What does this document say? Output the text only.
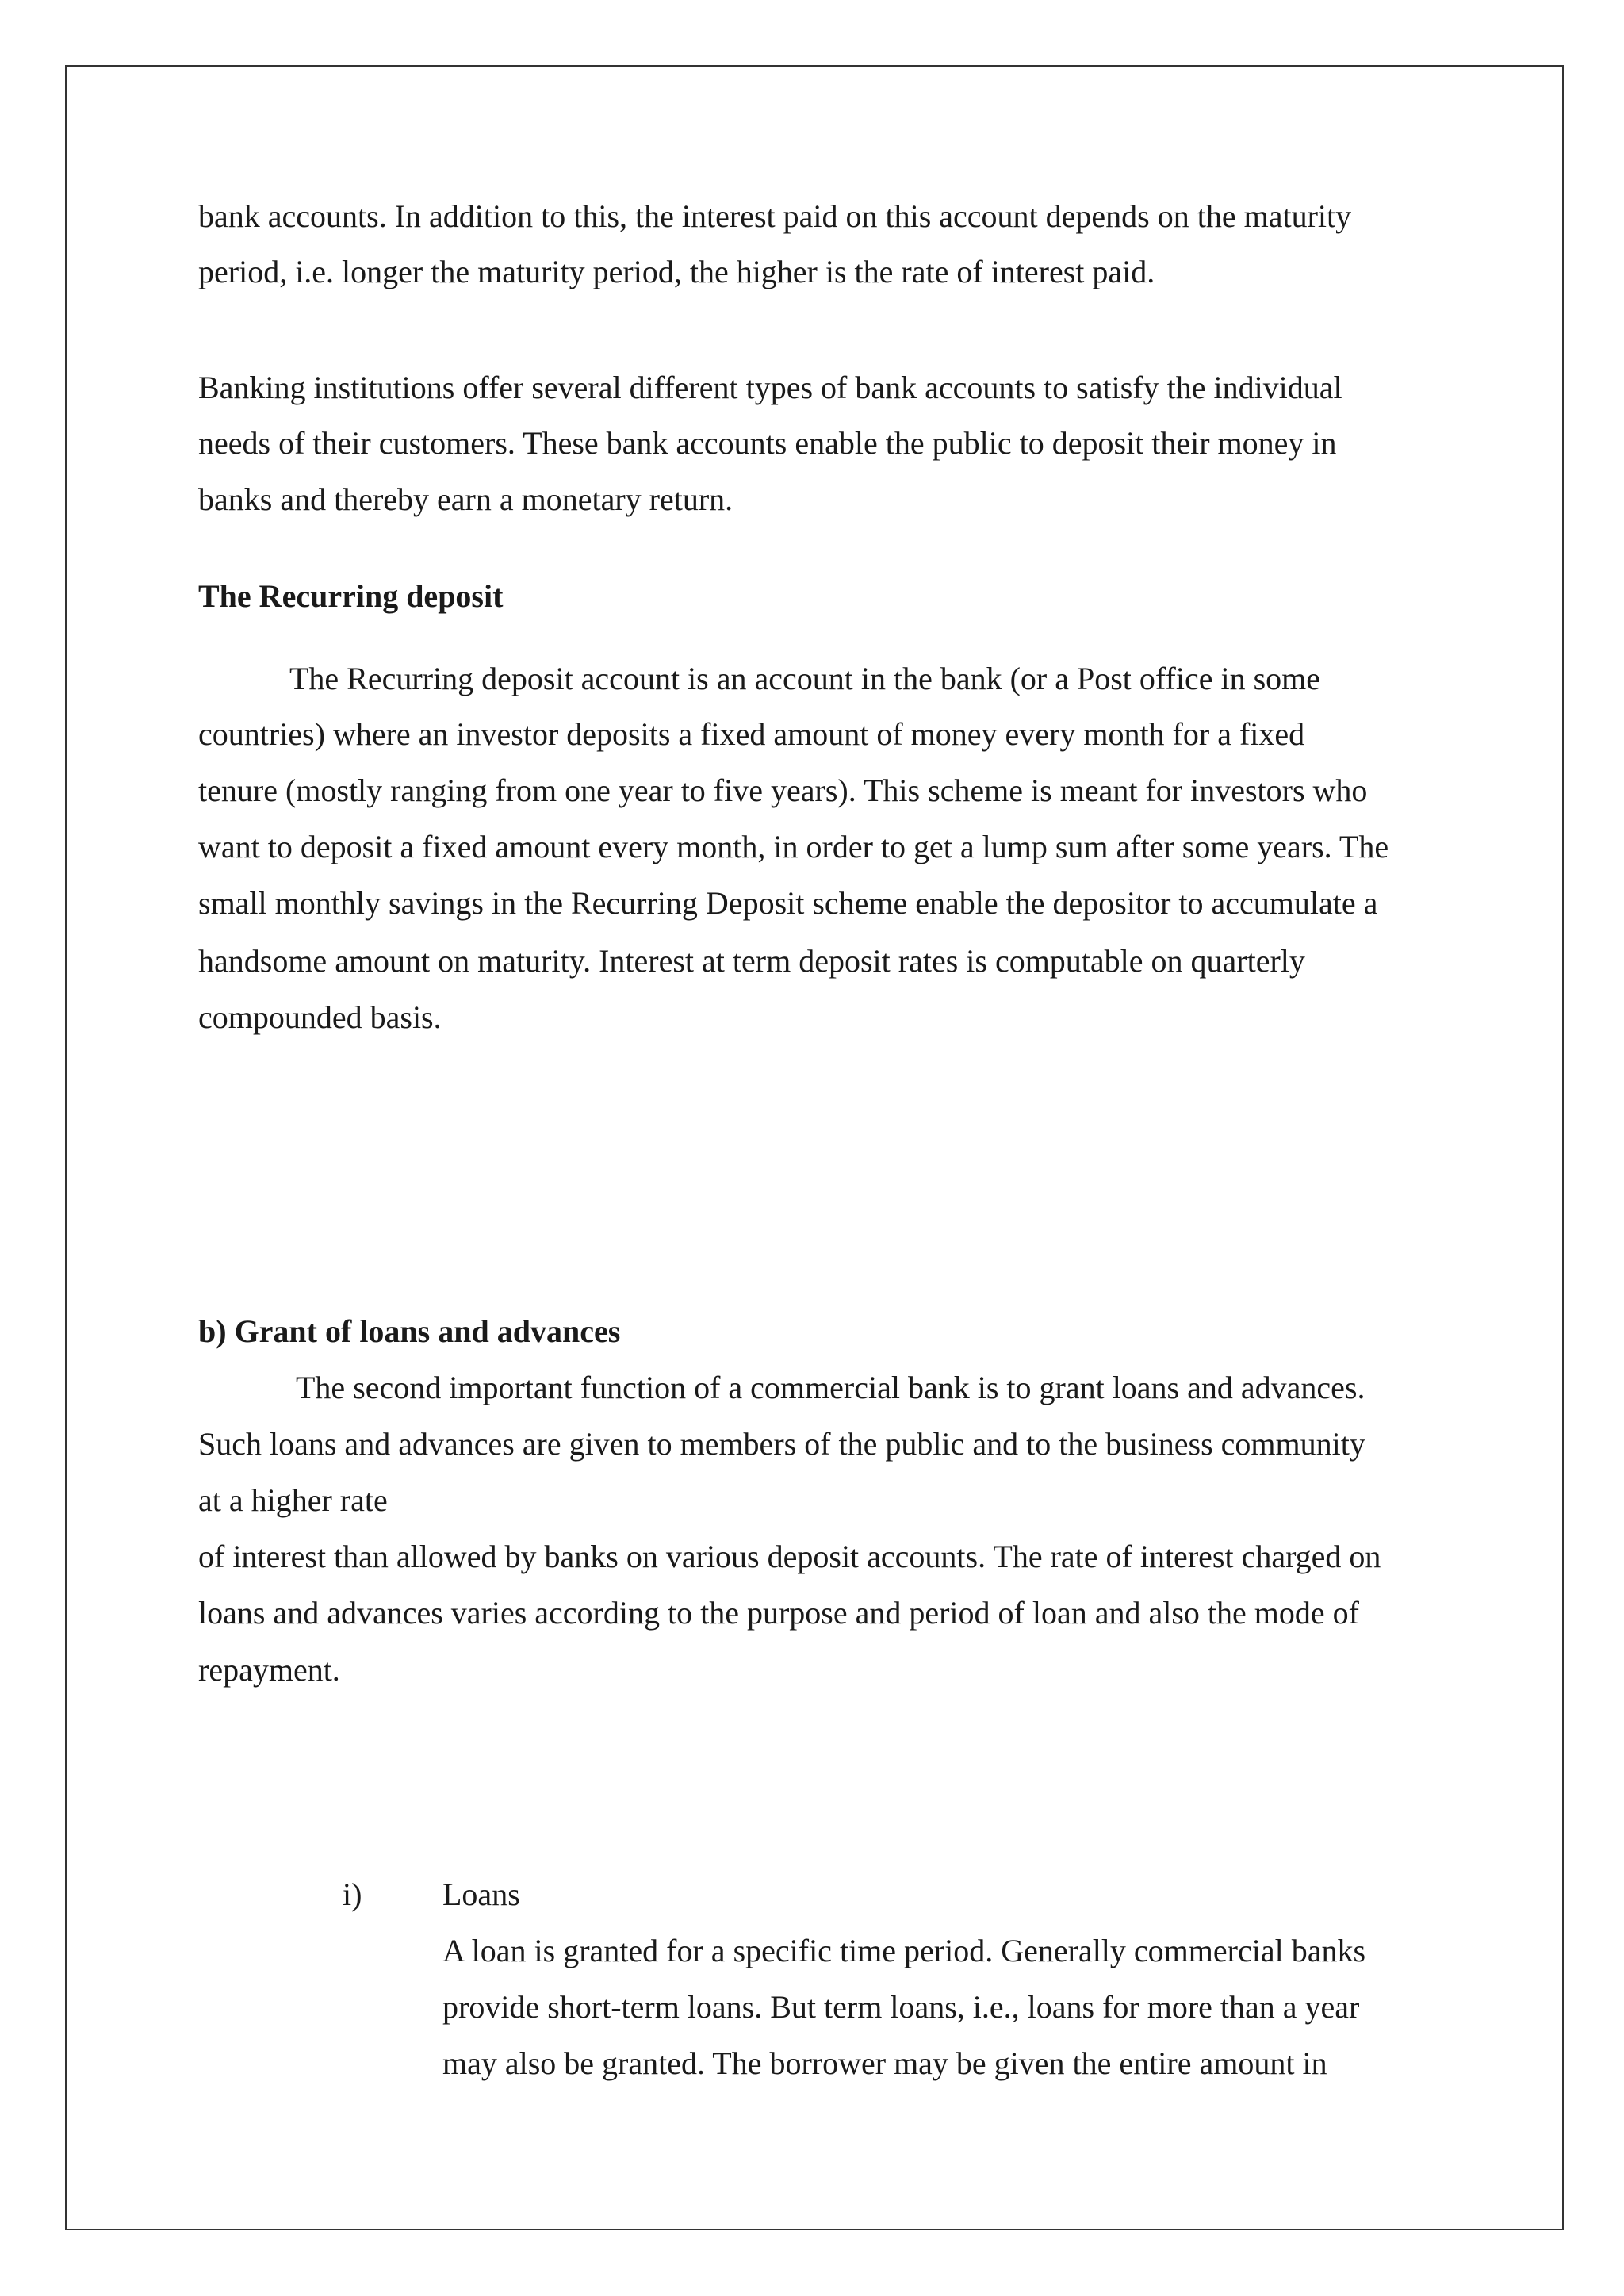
bank accounts. In addition to this, the interest paid on this account depends on the maturity
period, i.e. longer the maturity period, the higher is the rate of interest paid.
Banking institutions offer several different types of bank accounts to satisfy the individual
needs of their customers. These bank accounts enable the public to deposit their money in
banks and thereby earn a monetary return.
The Recurring deposit
The Recurring deposit account is an account in the bank (or a Post office in some
countries) where an investor deposits a fixed amount of money every month for a fixed
tenure (mostly ranging from one year to five years). This scheme is meant for investors who
want to deposit a fixed amount every month, in order to get a lump sum after some years. The
small monthly savings in the Recurring Deposit scheme enable the depositor to accumulate a
handsome amount on maturity. Interest at term deposit rates is computable on quarterly
compounded basis.
b) Grant of loans and advances
The second important function of a commercial bank is to grant loans and advances.
Such loans and advances are given to members of the public and to the business community
at a higher rate
of interest than allowed by banks on various deposit accounts. The rate of interest charged on
loans and advances varies according to the purpose and period of loan and also the mode of
repayment.
i)	Loans
A loan is granted for a specific time period. Generally commercial banks
provide short-term loans. But term loans, i.e., loans for more than a year
may also be granted. The borrower may be given the entire amount in
